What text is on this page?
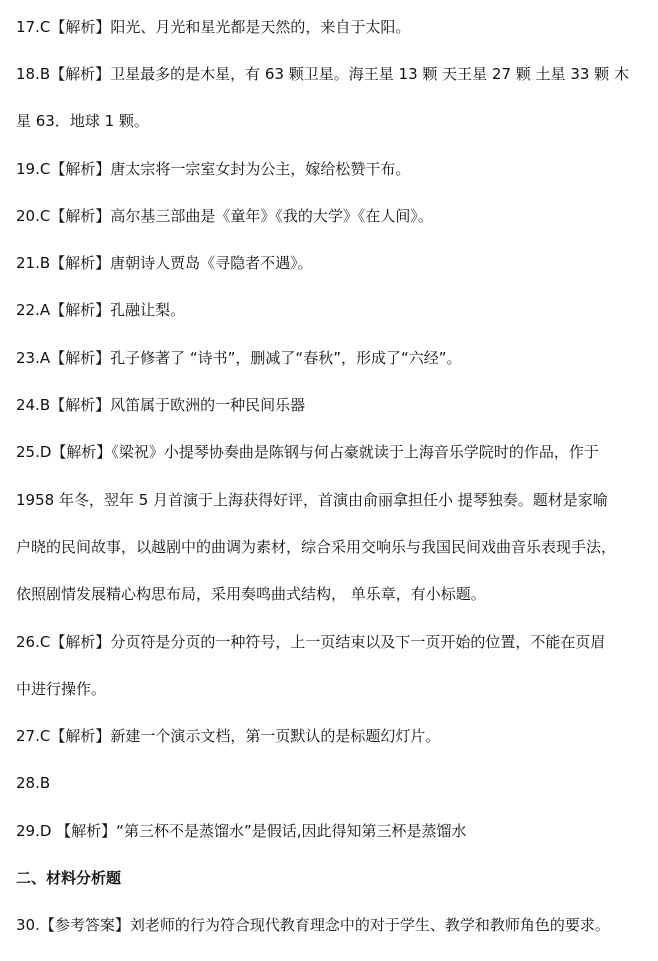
17.C【解析】阳光、月光和星光都是天然的，来自于太阳。
18.B【解析】卫星最多的是木星，有 63 颗卫星。海王星 13 颗 天王星 27 颗 土星 33 颗 木
星 63．地球 1 颗。
19.C【解析】唐太宗将一宗室女封为公主，嫁给松赞干布。
20.C【解析】高尔基三部曲是《童年》《我的大学》《在人间》。
21.B【解析】唐朝诗人贾岛《寻隐者不遇》。
22.A【解析】孔融让梨。
23.A【解析】孔子修著了 “诗书”，删减了“春秋”，形成了“六经”。
24.B【解析】风笛属于欧洲的一种民间乐器
25.D【解析】《梁祝》小提琴协奏曲是陈钢与何占豪就读于上海音乐学院时的作品，作于
1958 年冬，翌年 5 月首演于上海获得好评，首演由俞丽拿担任小 提琴独奏。题材是家喻
户晓的民间故事，以越剧中的曲调为素材，综合采用交响乐与我国民间戏曲音乐表现手法，
依照剧情发展精心构思布局，采用奏鸣曲式结构， 单乐章，有小标题。
26.C【解析】分页符是分页的一种符号，上一页结束以及下一页开始的位置，不能在页眉
中进行操作。
27.C【解析】新建一个演示文档，第一页默认的是标题幻灯片。
28.B
29.D 【解析】“第三杯不是蒸馏水”是假话,因此得知第三杯是蒸馏水
二、材料分析题
30.【参考答案】刘老师的行为符合现代教育理念中的对于学生、教学和教师角色的要求。
